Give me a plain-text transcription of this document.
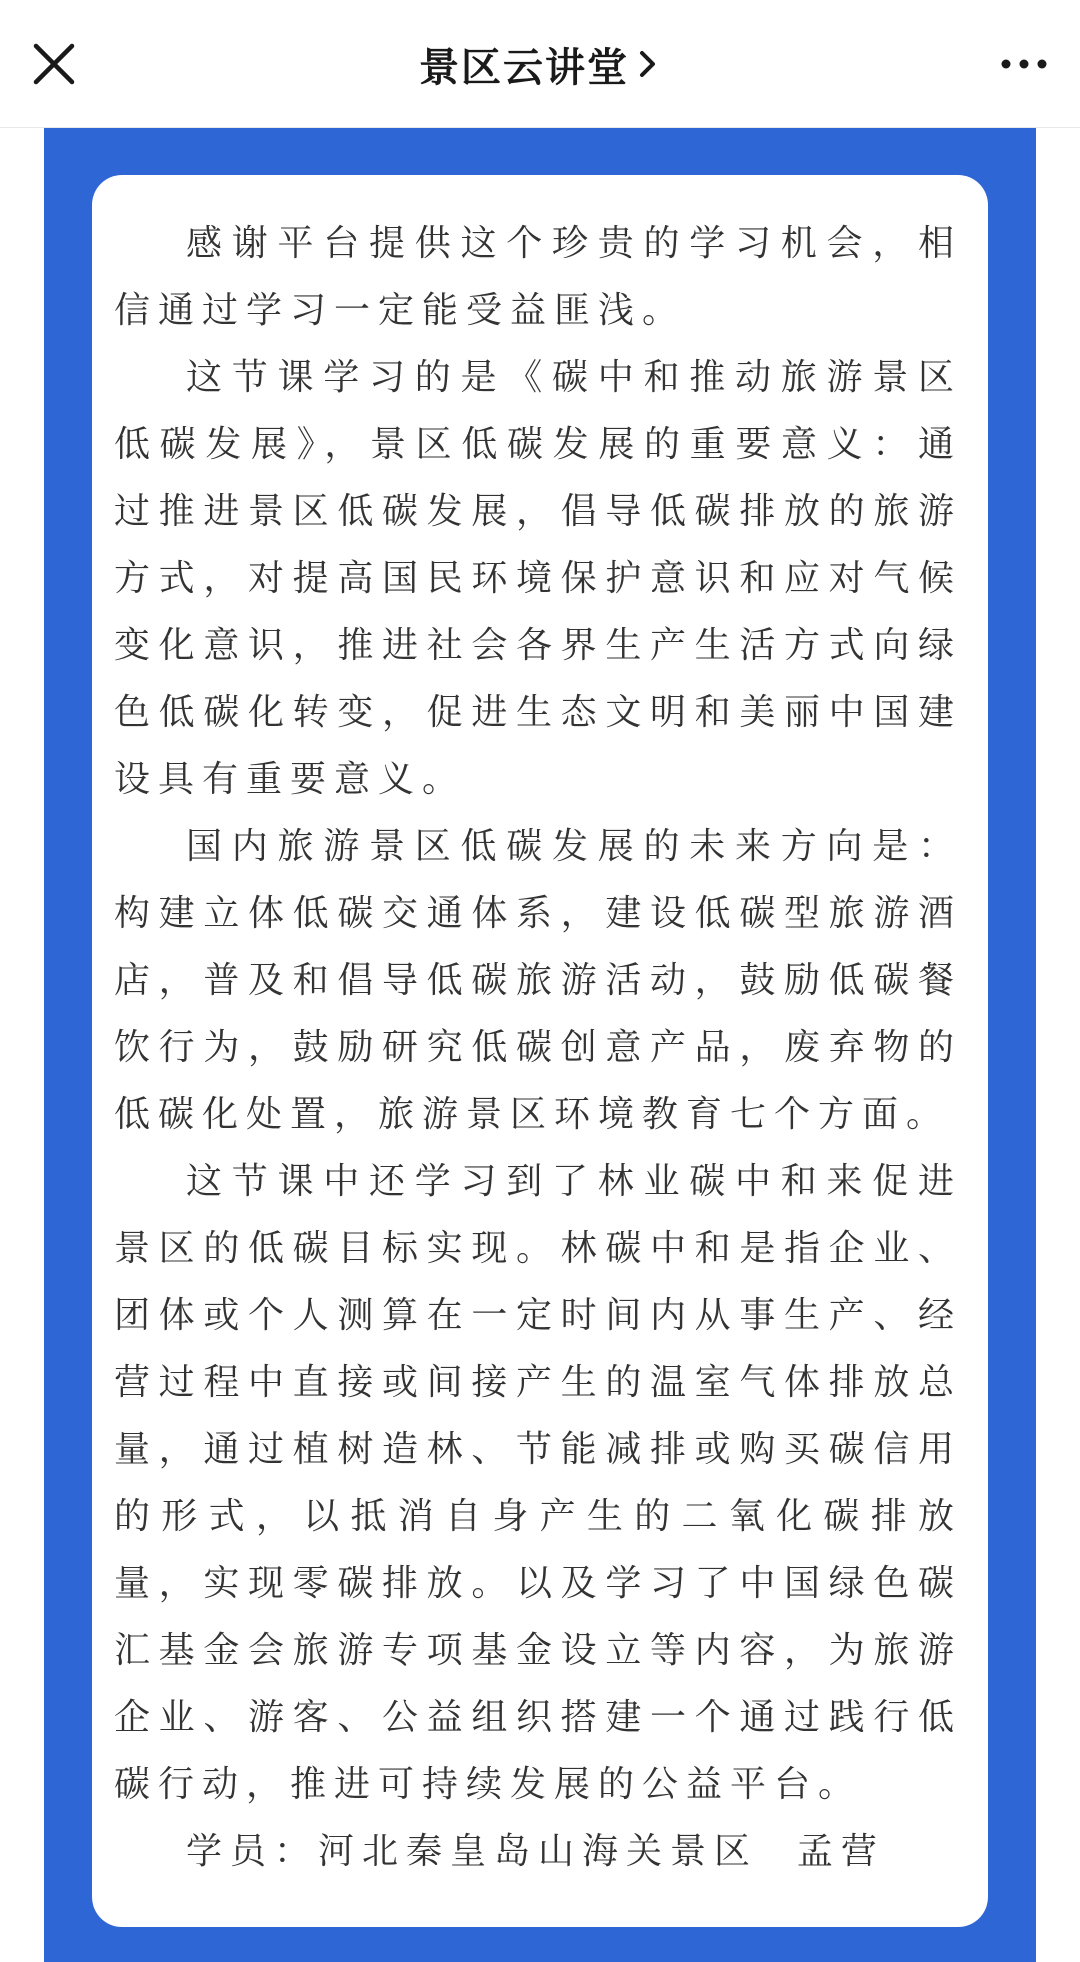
景区云讲堂

感谢平台提供这个珍贵的学习机会，相信通过学习一定能受益匪浅。

这节课学习的是《碳中和推动旅游景区低碳发展》，景区低碳发展的重要意义：通过推进景区低碳发展，倡导低碳排放的旅游方式，对提高国民环境保护意识和应对气候变化意识，推进社会各界生产生活方式向绿色低碳化转变，促进生态文明和美丽中国建设具有重要意义。

国内旅游景区低碳发展的未来方向是：构建立体低碳交通体系，建设低碳型旅游酒店，普及和倡导低碳旅游活动，鼓励低碳餐饮行为，鼓励研究低碳创意产品，废弃物的低碳化处置，旅游景区环境教育七个方面。

这节课中还学习到了林业碳中和来促进景区的低碳目标实现。林碳中和是指企业、团体或个人测算在一定时间内从事生产、经营过程中直接或间接产生的温室气体排放总量，通过植树造林、节能减排或购买碳信用的形式，以抵消自身产生的二氧化碳排放量，实现零碳排放。以及学习了中国绿色碳汇基金会旅游专项基金设立等内容，为旅游企业、游客、公益组织搭建一个通过践行低碳行动，推进可持续发展的公益平台。

学员：河北秦皇岛山海关景区  孟营
